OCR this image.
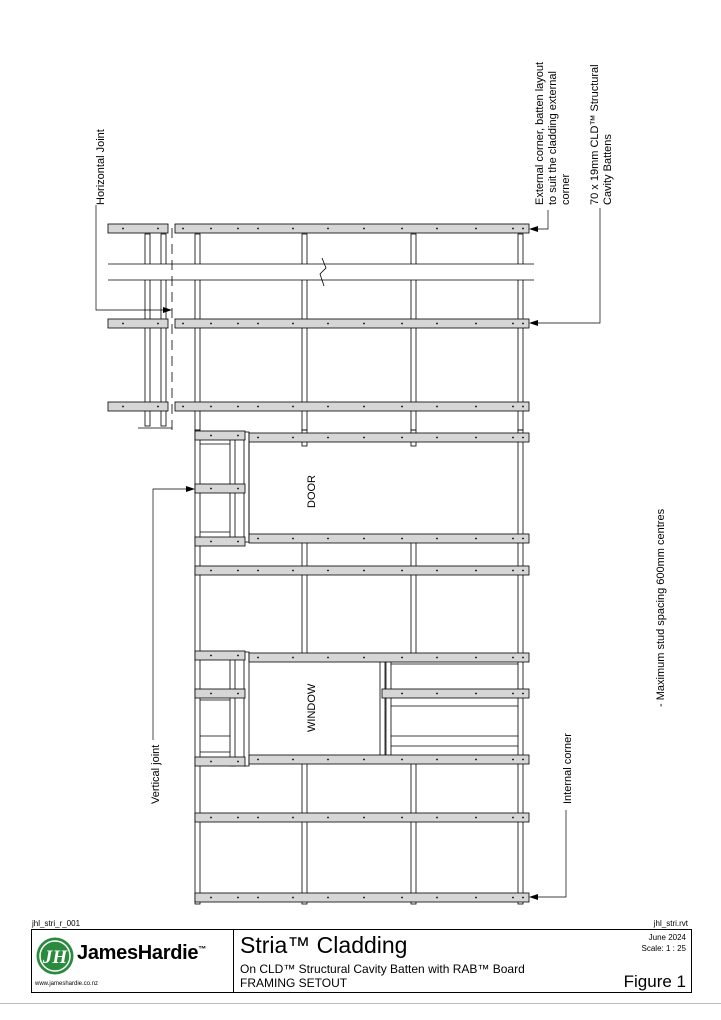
Horizontal Joint	External corner, batten layout to suit the cladding external corner 70 x 19mm CLD™ Structural Cavity Battens
DOOR
WINDOW
Vertical joint	Internal corner
- Maximum stud spacing 600mm centres
jhl_stri_r_001	jhl_stri.rvt
JH JamesHardie™
www.jameshardie.co.nz
Stria™ Cladding
On CLD™ Structural Cavity Batten with RAB™ Board
FRAMING SETOUT
June 2024
Scale: 1 : 25
Figure 1
